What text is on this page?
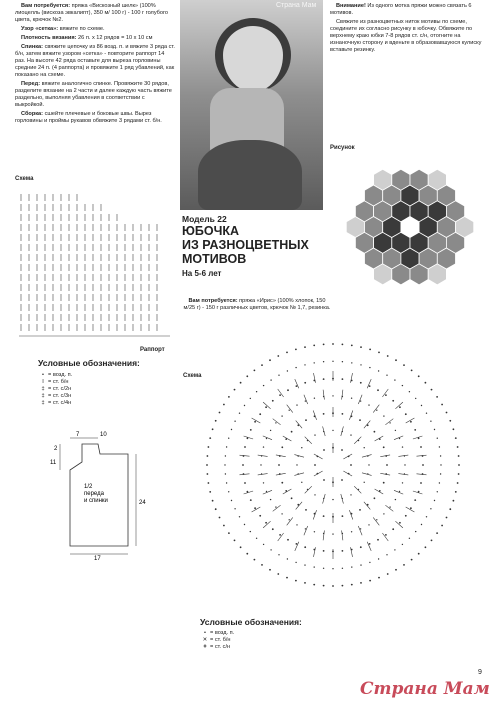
Вам потребуется: пряжа «Вискозный шелк» (100% лиоцелль (вискоза эвкалипт), 350 м/ 100 г) - 100 г голубого цвета, крючок №2.

Узор «сетка»: вяжите по схеме.

Плотность вязания: 26 п. х 12 рядов = 10 х 10 см

Спинка: свяжите цепочку из 86 возд. п. и вяжите 3 ряда ст. б/н, затем вяжите узором «сетка» - повторите раппорт 14 раз. На высоте 42 ряда оставьте для выреза горловины средние 24 п. (4 раппорта) и провяжите 1 ряд убавлений, как показано на схеме.

Перед: вяжите аналогично спинке. Провяжите 30 рядов, разделите вязание на 2 части и далее каждую часть вяжите раздельно, выполняя убавления в соответствии с выкройкой.

Сборка: сшейте плечевые и боковые швы. Вырез горловины и проймы рукавов обвяжите 3 рядами ст. б/н.

Страна Мам	Внимание! Из одного мотка пряжи можно связать 6 мотивов.

Свяжите из разноцветных ниток мотивы по схеме, соедините их согласно рисунку в юбочку. Обвяжите по верхнему краю юбки 7-8 рядов ст. с/н, отогните на изнаночную сторону и вденьте в образовавшуюся кулиску вставьте резинку.

Рисунок
Схема
Раппорт
Модель 22
ЮБОЧКА
ИЗ РАЗНОЦВЕТНЫХ
МОТИВОВ
На 5-6 лет
Вам потребуется: пряжа «Ирис» (100% хлопок, 150 м/25 г) - 150 г различных цветов, крючок № 1,7, резинка.
Условные обозначения:
•= возд. п.
I= ст. б/н
‡= ст. с/2н
‡= ст. с/3н
‡= ст. с/4н
7	10
2
11
24
17
1/2
переда
и спинки
Схема
Условные обозначения:
•= возд. п.
✕= ст. б/н
ǂ= ст. с/н
9
Страна Мам
